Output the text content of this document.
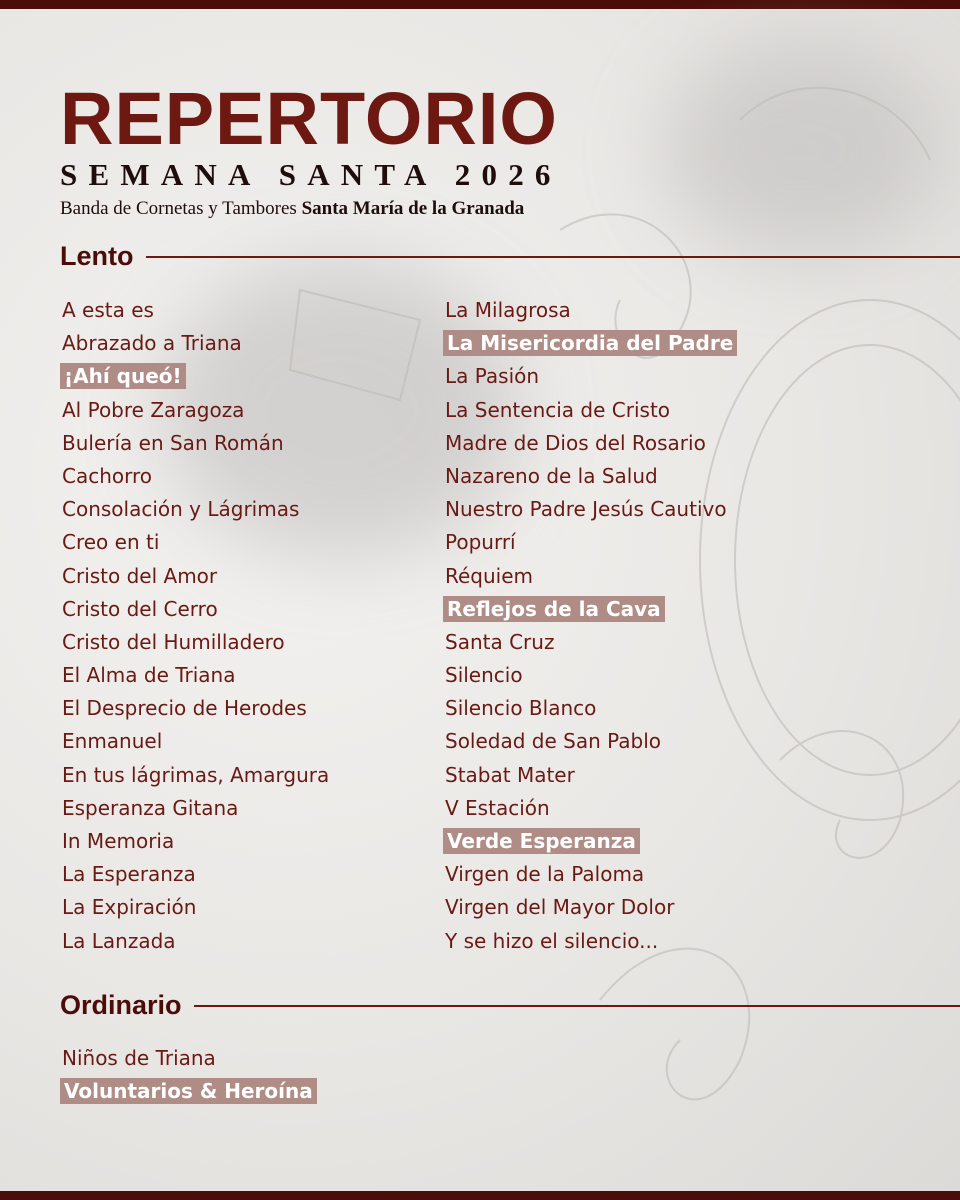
REPERTORIO
SEMANA SANTA 2026
Banda de Cornetas y Tambores Santa María de la Granada
Lento
A esta es
Abrazado a Triana
¡Ahí queó!
Al Pobre Zaragoza
Bulería en San Román
Cachorro
Consolación y Lágrimas
Creo en ti
Cristo del Amor
Cristo del Cerro
Cristo del Humilladero
El Alma de Triana
El Desprecio de Herodes
Enmanuel
En tus lágrimas, Amargura
Esperanza Gitana
In Memoria
La Esperanza
La Expiración
La Lanzada
La Milagrosa
La Misericordia del Padre
La Pasión
La Sentencia de Cristo
Madre de Dios del Rosario
Nazareno de la Salud
Nuestro Padre Jesús Cautivo
Popurrí
Réquiem
Reflejos de la Cava
Santa Cruz
Silencio
Silencio Blanco
Soledad de San Pablo
Stabat Mater
V Estación
Verde Esperanza
Virgen de la Paloma
Virgen del Mayor Dolor
Y se hizo el silencio...
Ordinario
Niños de Triana
Voluntarios & Heroína
